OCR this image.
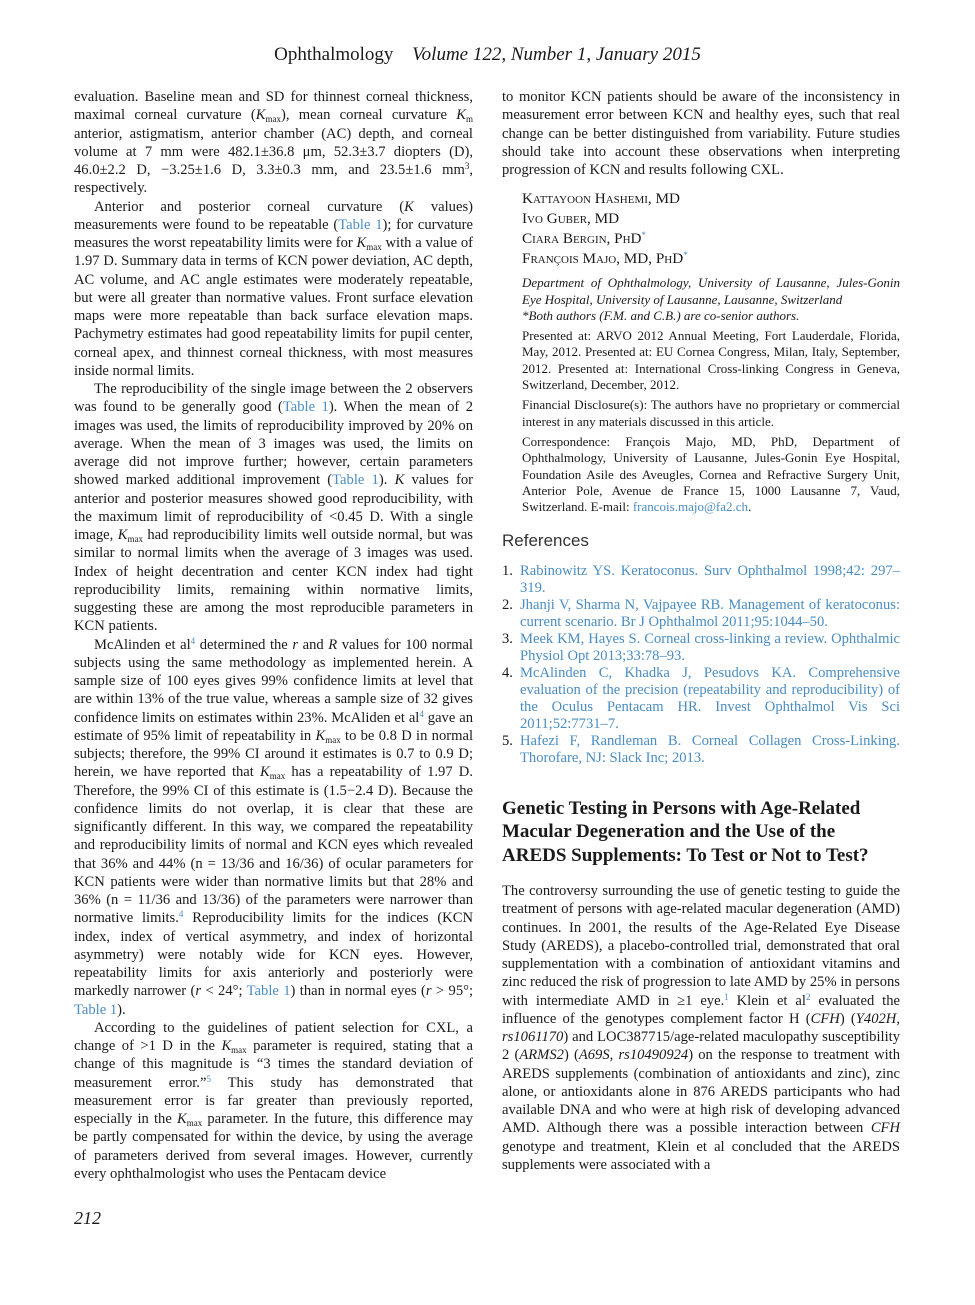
Ophthalmology Volume 122, Number 1, January 2015

evaluation. Baseline mean and SD for thinnest corneal thickness, maximal corneal curvature $(K_{max})$, mean corneal curvature $K_m$ anterior, astigmatism, anterior chamber (AC) depth, and corneal volume at 7 mm were 482.1±36.8 μm, 52.3±3.7 diopters (D), 46.0±2.2 D, −3.25±1.6 D, 3.3±0.3 mm, and 23.5±1.6 $mm^3$, respectively.

Anterior and posterior corneal curvature (K values) measurements were found to be repeatable (Table 1); for curvature measures the worst repeatability limits were for $K_{max}$ with a value of 1.97 D. Summary data in terms of KCN power deviation, AC depth, AC volume, and AC angle estimates were moderately repeatable, but were all greater than normative values. Front surface elevation maps were more repeatable than back surface elevation maps. Pachymetry estimates had good repeatability limits for pupil center, corneal apex, and thinnest corneal thickness, with most measures inside normal limits.

The reproducibility of the single image between the 2 observers was found to be generally good (Table 1). When the mean of 2 images was used, the limits of reproducibility improved by 20% on average. When the mean of 3 images was used, the limits on average did not improve further; however, certain parameters showed marked additional improvement (Table 1). K values for anterior and posterior measures showed good reproducibility, with the maximum limit of reproducibility of <0.45 D. With a single image, $K_{max}$ had reproducibility limits well outside normal, but was similar to normal limits when the average of 3 images was used. Index of height decentration and center KCN index had tight reproducibility limits, remaining within normative limits, suggesting these are among the most reproducible parameters in KCN patients.

McAlinden et $al^4$ determined the r and R values for 100 normal subjects using the same methodology as implemented herein. A sample size of 100 eyes gives 99% confidence limits at level that are within 13% of the true value, whereas a sample size of 32 gives confidence limits on estimates within 23%. McAliden et $al^4$ gave an estimate of 95% limit of repeatability in $K_{max}$ to be 0.8 D in normal subjects; therefore, the 99% CI around it estimates is 0.7 to 0.9 D; herein, we have reported that $K_{max}$ has a repeatability of 1.97 D. Therefore, the 99% CI of this estimate is (1.5−2.4 D). Because the confidence limits do not overlap, it is clear that these are significantly different. In this way, we compared the repeatability and reproducibility limits of normal and KCN eyes which revealed that 36% and 44% (n = 13/36 and 16/36) of ocular parameters for KCN patients were wider than normative limits but that 28% and 36% (n = 11/36 and 13/36) of the parameters were narrower than normative limits.$^4$ Reproducibility limits for the indices (KCN index, index of vertical asymmetry, and index of horizontal asymmetry) were notably wide for KCN eyes. However, repeatability limits for axis anteriorly and posteriorly were markedly narrower (r < 24°; Table 1) than in normal eyes (r > 95°; Table 1).

According to the guidelines of patient selection for CXL, a change of >1 D in the $K_{max}$ parameter is required, stating that a change of this magnitude is “3 times the standard deviation of measurement error.”$^5$ This study has demonstrated that measurement error is far greater than previously reported, especially in the $K_{max}$ parameter. In the future, this difference may be partly compensated for within the device, by using the average of parameters derived from several images. However, currently every ophthalmologist who uses the Pentacam device

to monitor KCN patients should be aware of the inconsistency in measurement error between KCN and healthy eyes, such that real change can be better distinguished from variability. Future studies should take into account these observations when interpreting progression of KCN and results following CXL.

Kattayoon Hashemi, MD
Ivo Guber, MD
Ciara Bergin, PhD*
François Majo, MD, PhD*

Department of Ophthalmology, University of Lausanne, Jules-Gonin Eye Hospital, University of Lausanne, Lausanne, Switzerland
*Both authors (F.M. and C.B.) are co-senior authors.

Presented at: ARVO 2012 Annual Meeting, Fort Lauderdale, Florida, May, 2012. Presented at: EU Cornea Congress, Milan, Italy, September, 2012. Presented at: International Cross-linking Congress in Geneva, Switzerland, December, 2012.

Financial Disclosure(s): The authors have no proprietary or commercial interest in any materials discussed in this article.

Correspondence: François Majo, MD, PhD, Department of Ophthalmology, University of Lausanne, Jules-Gonin Eye Hospital, Foundation Asile des Aveugles, Cornea and Refractive Surgery Unit, Anterior Pole, Avenue de France 15, 1000 Lausanne 7, Vaud, Switzerland. E-mail: francois.majo@fa2.ch.

References
1. Rabinowitz YS. Keratoconus. Surv Ophthalmol 1998;42: 297–319.
2. Jhanji V, Sharma N, Vajpayee RB. Management of keratoconus: current scenario. Br J Ophthalmol 2011;95:1044–50.
3. Meek KM, Hayes S. Corneal cross-linking a review. Ophthalmic Physiol Opt 2013;33:78–93.
4. McAlinden C, Khadka J, Pesudovs KA. Comprehensive evaluation of the precision (repeatability and reproducibility) of the Oculus Pentacam HR. Invest Ophthalmol Vis Sci 2011;52:7731–7.
5. Hafezi F, Randleman B. Corneal Collagen Cross-Linking. Thorofare, NJ: Slack Inc; 2013.
Genetic Testing in Persons with Age-Related Macular Degeneration and the Use of the AREDS Supplements: To Test or Not to Test?

The controversy surrounding the use of genetic testing to guide the treatment of persons with age-related macular degeneration (AMD) continues. In 2001, the results of the Age-Related Eye Disease Study (AREDS), a placebo-controlled trial, demonstrated that oral supplementation with a combination of antioxidant vitamins and zinc reduced the risk of progression to late AMD by 25% in persons with intermediate AMD in ≥1 eye.$^1$ Klein et $al^2$ evaluated the influence of the genotypes complement factor H (CFH) (Y402H, rs1061170) and LOC387715/age-related maculopathy susceptibility 2 (ARMS2) (A69S, rs10490924) on the response to treatment with AREDS supplements (combination of antioxidants and zinc), zinc alone, or antioxidants alone in 876 AREDS participants who had available DNA and who were at high risk of developing advanced AMD. Although there was a possible interaction between CFH genotype and treatment, Klein et al concluded that the AREDS supplements were associated with a

212
